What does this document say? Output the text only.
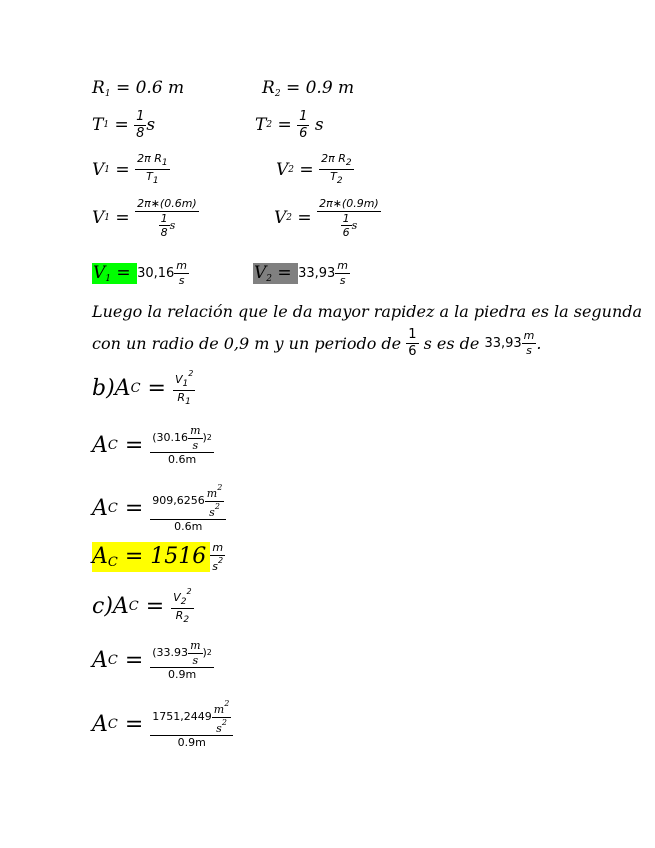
$R_1 = 0.6$ m	$R_2 = 0.9$ m
T $1 = \frac{1}{8}$ s	T $2 = \frac{1}{6}$ s
V $1 = \frac{2\pi R_1}{T_1}$	V $2 = \frac{2\pi R_2}{T_2}$
V $1 = \frac{2\pi∗(0.6m)}{\frac{1}{8} s}$	V $2 = \frac{2\pi∗(0.9m)}{\frac{1}{6} s}$
$V_1 = 30,16 \frac{m}{s}$	$V_2 = 33,93 \frac{m}{s}$
Luego la relación que le da mayor rapidez a la piedra es la segunda
con un radio de 0,9 m y un periodo de $\frac{1}{6}$ s es de $33,93 \frac{m}{s}$ .
b) A $C = \frac{V_1^2}{R_1}$
A $C = \frac{(30.16 \frac{m}{s} ) 2}{0.6m}$
A $C = \frac{909,6256 \frac{m^2}{s^2}}{0.6m}$
$A_C = 1516 \frac{m}{s^2}$
c) A $C = \frac{V_2^2}{R_2}$
A $C = \frac{(33.93 \frac{m}{s} ) 2}{0.9m}$
A $C = \frac{1751,2449 \frac{m^2}{s^2}}{0.9m}$
